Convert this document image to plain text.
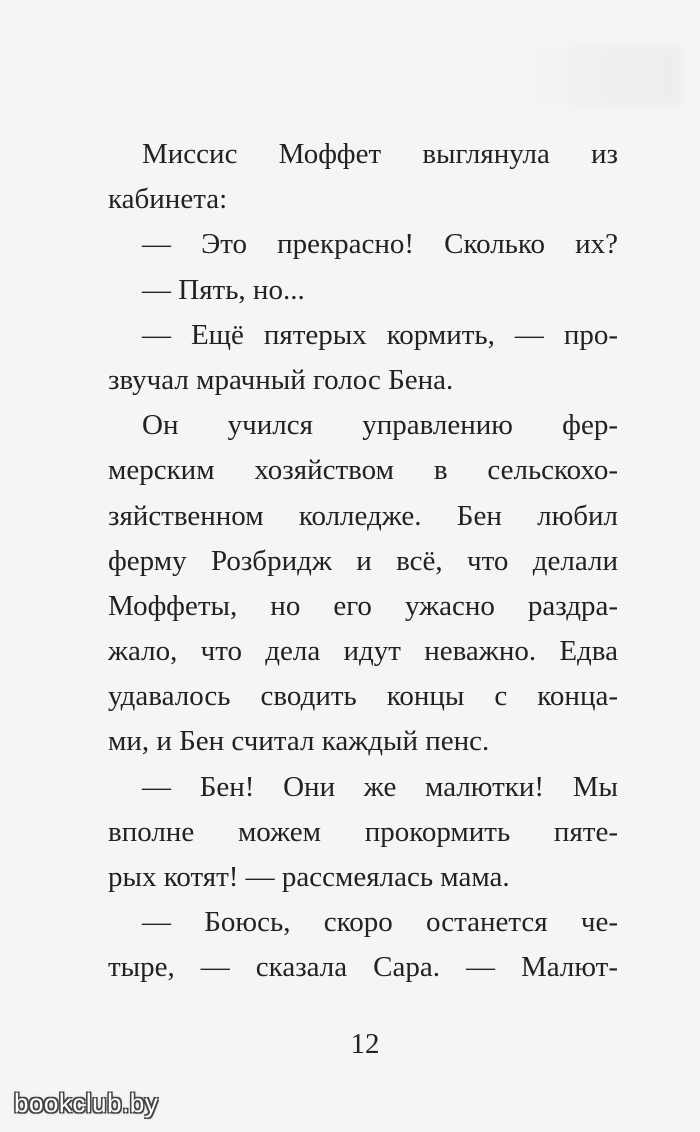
Миссис Моффет выглянула из
кабинета:
— Это прекрасно! Сколько их?
— Пять, но...
— Ещё пятерых кормить, — про-
звучал мрачный голос Бена.
Он учился управлению фер-
мерским хозяйством в сельскохо-
зяйственном колледже. Бен любил
ферму Розбридж и всё, что делали
Моффеты, но его ужасно раздра-
жало, что дела идут неважно. Едва
удавалось сводить концы с конца-
ми, и Бен считал каждый пенс.
— Бен! Они же малютки! Мы
вполне можем прокормить пяте-
рых котят! — рассмеялась мама.
— Боюсь, скоро останется че-
тыре, — сказала Сара. — Малют-
12
bookclub.by
